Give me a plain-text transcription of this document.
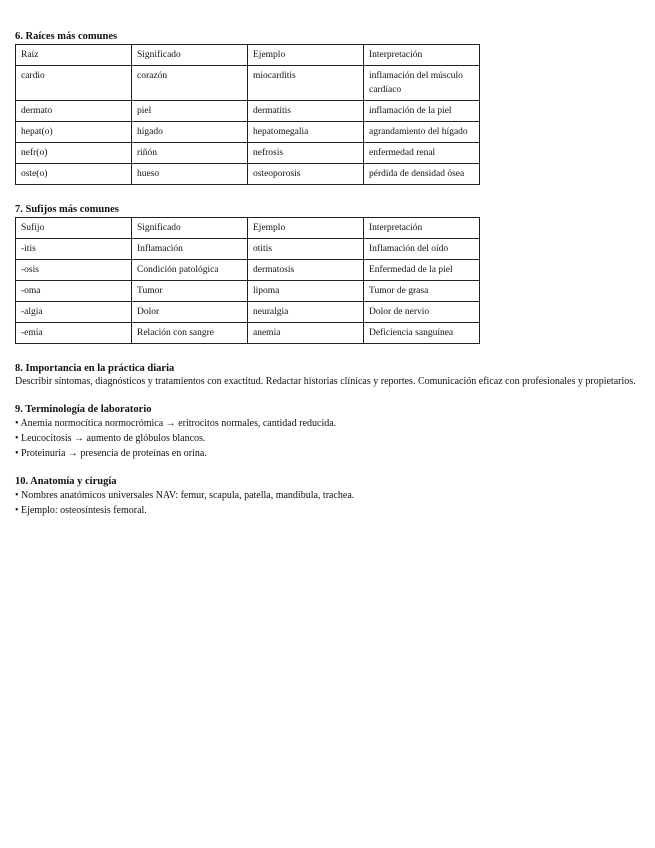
6. Raíces más comunes

Raíz	Significado	Ejemplo	Interpretación
cardio	corazón	miocarditis	inflamación del músculo cardíaco
dermato	piel	dermatitis	inflamación de la piel
hepat(o)	hígado	hepatomegalia	agrandamiento del hígado
nefr(o)	riñón	nefrosis	enfermedad renal
oste(o)	hueso	osteoporosis	pérdida de densidad ósea

7. Sufijos más comunes

Sufijo	Significado	Ejemplo	Interpretación
-itis	Inflamación	otitis	Inflamación del oído
-osis	Condición patológica	dermatosis	Enfermedad de la piel
-oma	Tumor	lipoma	Tumor de grasa
-algia	Dolor	neuralgia	Dolor de nervio
-emia	Relación con sangre	anemia	Deficiencia sanguínea

8. Importancia en la práctica diaria

Describir síntomas, diagnósticos y tratamientos con exactitud. Redactar historias clínicas y reportes. Comunicación eficaz con profesionales y propietarios.

9. Terminología de laboratorio

• Anemia normocítica normocrómica → eritrocitos normales, cantidad reducida.

• Leucocitosis → aumento de glóbulos blancos.

• Proteinuria → presencia de proteínas en orina.

10. Anatomía y cirugía

• Nombres anatómicos universales NAV: femur, scapula, patella, mandibula, trachea.

• Ejemplo: osteosíntesis femoral.
